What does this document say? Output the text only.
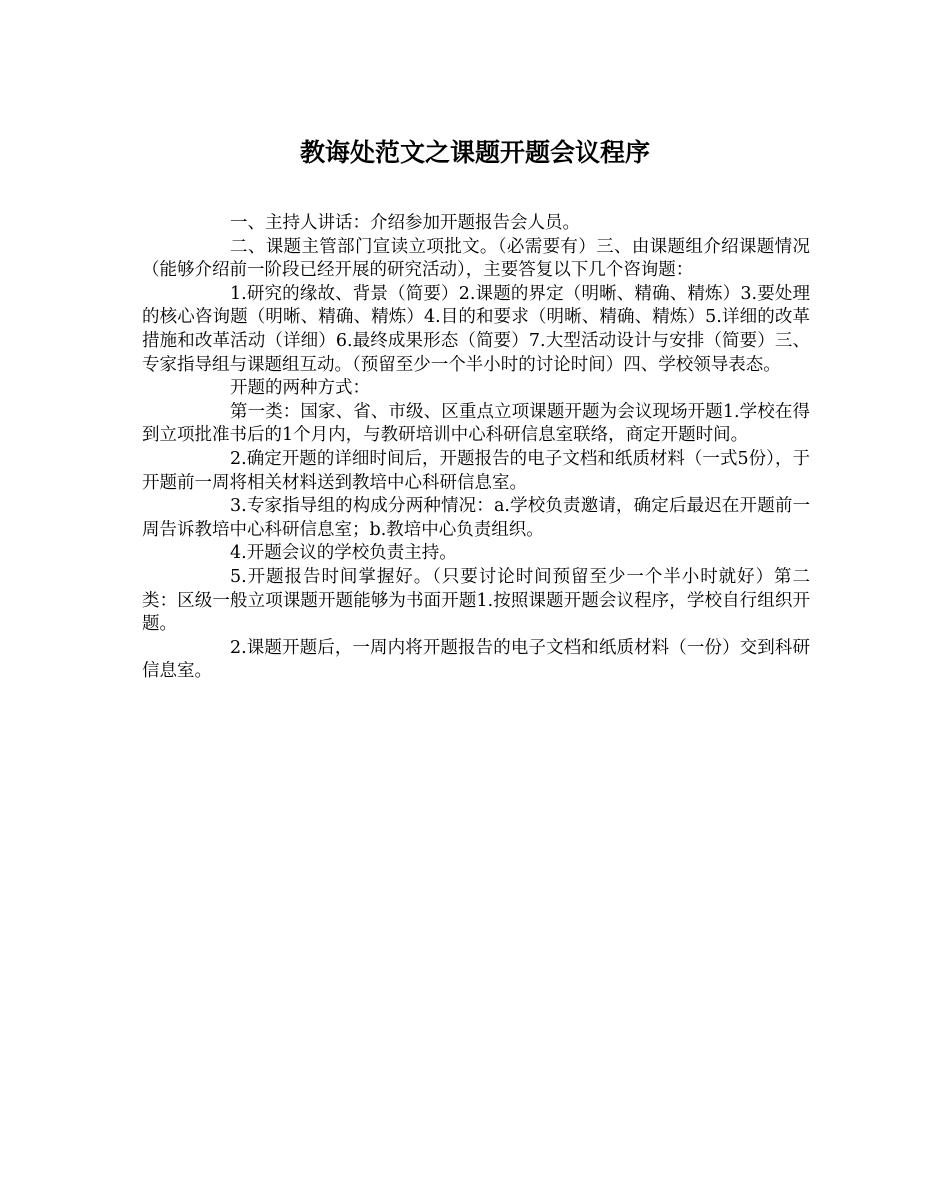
教诲处范文之课题开题会议程序

一、主持人讲话：介绍参加开题报告会人员。

二、课题主管部门宣读立项批文。（必需要有）三、由课题组介绍课题情况（能够介绍前一阶段已经开展的研究活动），主要答复以下几个咨询题：

1.研究的缘故、背景（简要）2.课题的界定（明晰、精确、精炼）3.要处理的核心咨询题（明晰、精确、精炼）4.目的和要求（明晰、精确、精炼）5.详细的改革措施和改革活动（详细）6.最终成果形态（简要）7.大型活动设计与安排（简要）三、专家指导组与课题组互动。（预留至少一个半小时的讨论时间）四、学校领导表态。

开题的两种方式：

第一类：国家、省、市级、区重点立项课题开题为会议现场开题1.学校在得到立项批准书后的1个月内，与教研培训中心科研信息室联络，商定开题时间。

2.确定开题的详细时间后，开题报告的电子文档和纸质材料（一式5份），于开题前一周将相关材料送到教培中心科研信息室。

3.专家指导组的构成分两种情况：a.学校负责邀请，确定后最迟在开题前一周告诉教培中心科研信息室；b.教培中心负责组织。

4.开题会议的学校负责主持。

5.开题报告时间掌握好。（只要讨论时间预留至少一个半小时就好）第二类：区级一般立项课题开题能够为书面开题1.按照课题开题会议程序，学校自行组织开题。

2.课题开题后，一周内将开题报告的电子文档和纸质材料（一份）交到科研信息室。
